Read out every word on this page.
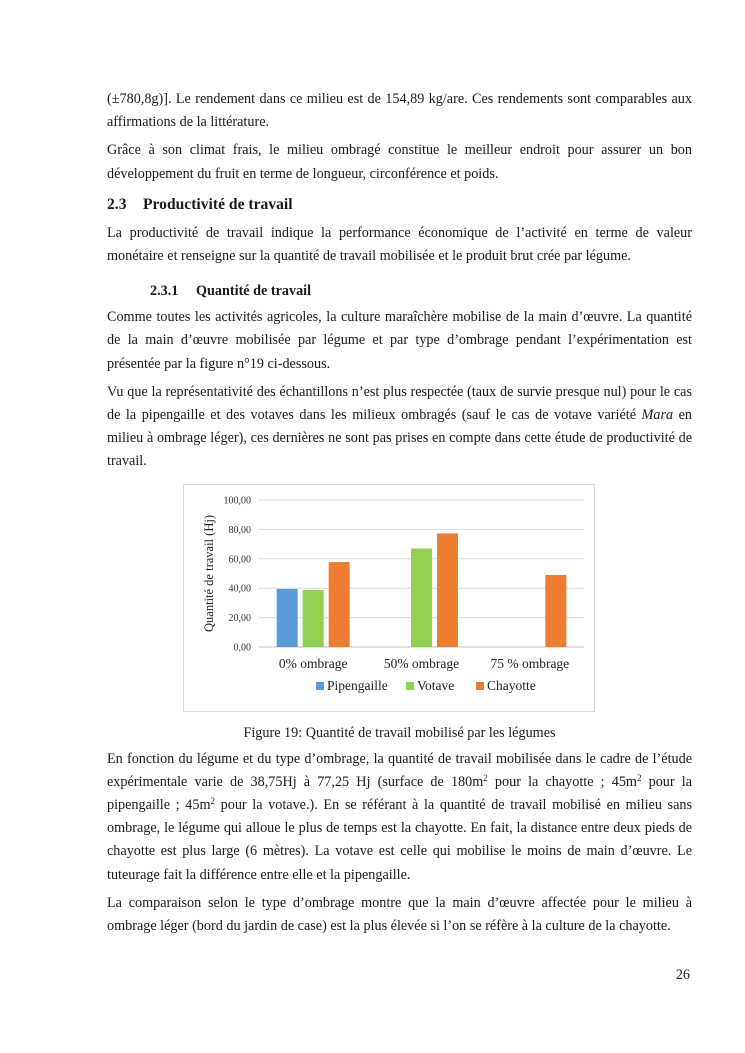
(±780,8g)]. Le rendement dans ce milieu est de 154,89 kg/are. Ces rendements sont comparables aux affirmations de la littérature.

Grâce à son climat frais, le milieu ombragé constitue le meilleur endroit pour assurer un bon développement du fruit en terme de longueur, circonférence et poids.

2.3 Productivité de travail

La productivité de travail indique la performance économique de l’activité en terme de valeur monétaire et renseigne sur la quantité de travail mobilisée et le produit brut crée par légume.

2.3.1 Quantité de travail

Comme toutes les activités agricoles, la culture maraîchère mobilise de la main d’œuvre. La quantité de la main d’œuvre mobilisée par légume et par type d’ombrage pendant l’expérimentation est présentée par la figure n°19 ci-dessous.

Vu que la représentativité des échantillons n’est plus respectée (taux de survie presque nul) pour le cas de la pipengaille et des votaves dans les milieux ombragés (sauf le cas de votave variété Mara en milieu à ombrage léger), ces dernières ne sont pas prises en compte dans cette étude de productivité de travail.

0,00
20,00
40,00
60,00
80,00
100,00
Quantité de travail (Hj)
0% ombrage	50% ombrage 75 % ombrage
Pipengaille Votave Chayotte
Figure 19: Quantité de travail mobilisé par les légumes

En fonction du légume et du type d’ombrage, la quantité de travail mobilisée dans le cadre de l’étude expérimentale varie de 38,75Hj à 77,25 Hj (surface de $180m^2$ pour la chayotte ; $45m^2$ pour la pipengaille ; $45m^2$ pour la votave.). En se référant à la quantité de travail mobilisé en milieu sans ombrage, le légume qui alloue le plus de temps est la chayotte. En fait, la distance entre deux pieds de chayotte est plus large (6 mètres). La votave est celle qui mobilise le moins de main d’œuvre. Le tuteurage fait la différence entre elle et la pipengaille.

La comparaison selon le type d’ombrage montre que la main d’œuvre affectée pour le milieu à ombrage léger (bord du jardin de case) est la plus élevée si l’on se réfère à la culture de la chayotte.

26
